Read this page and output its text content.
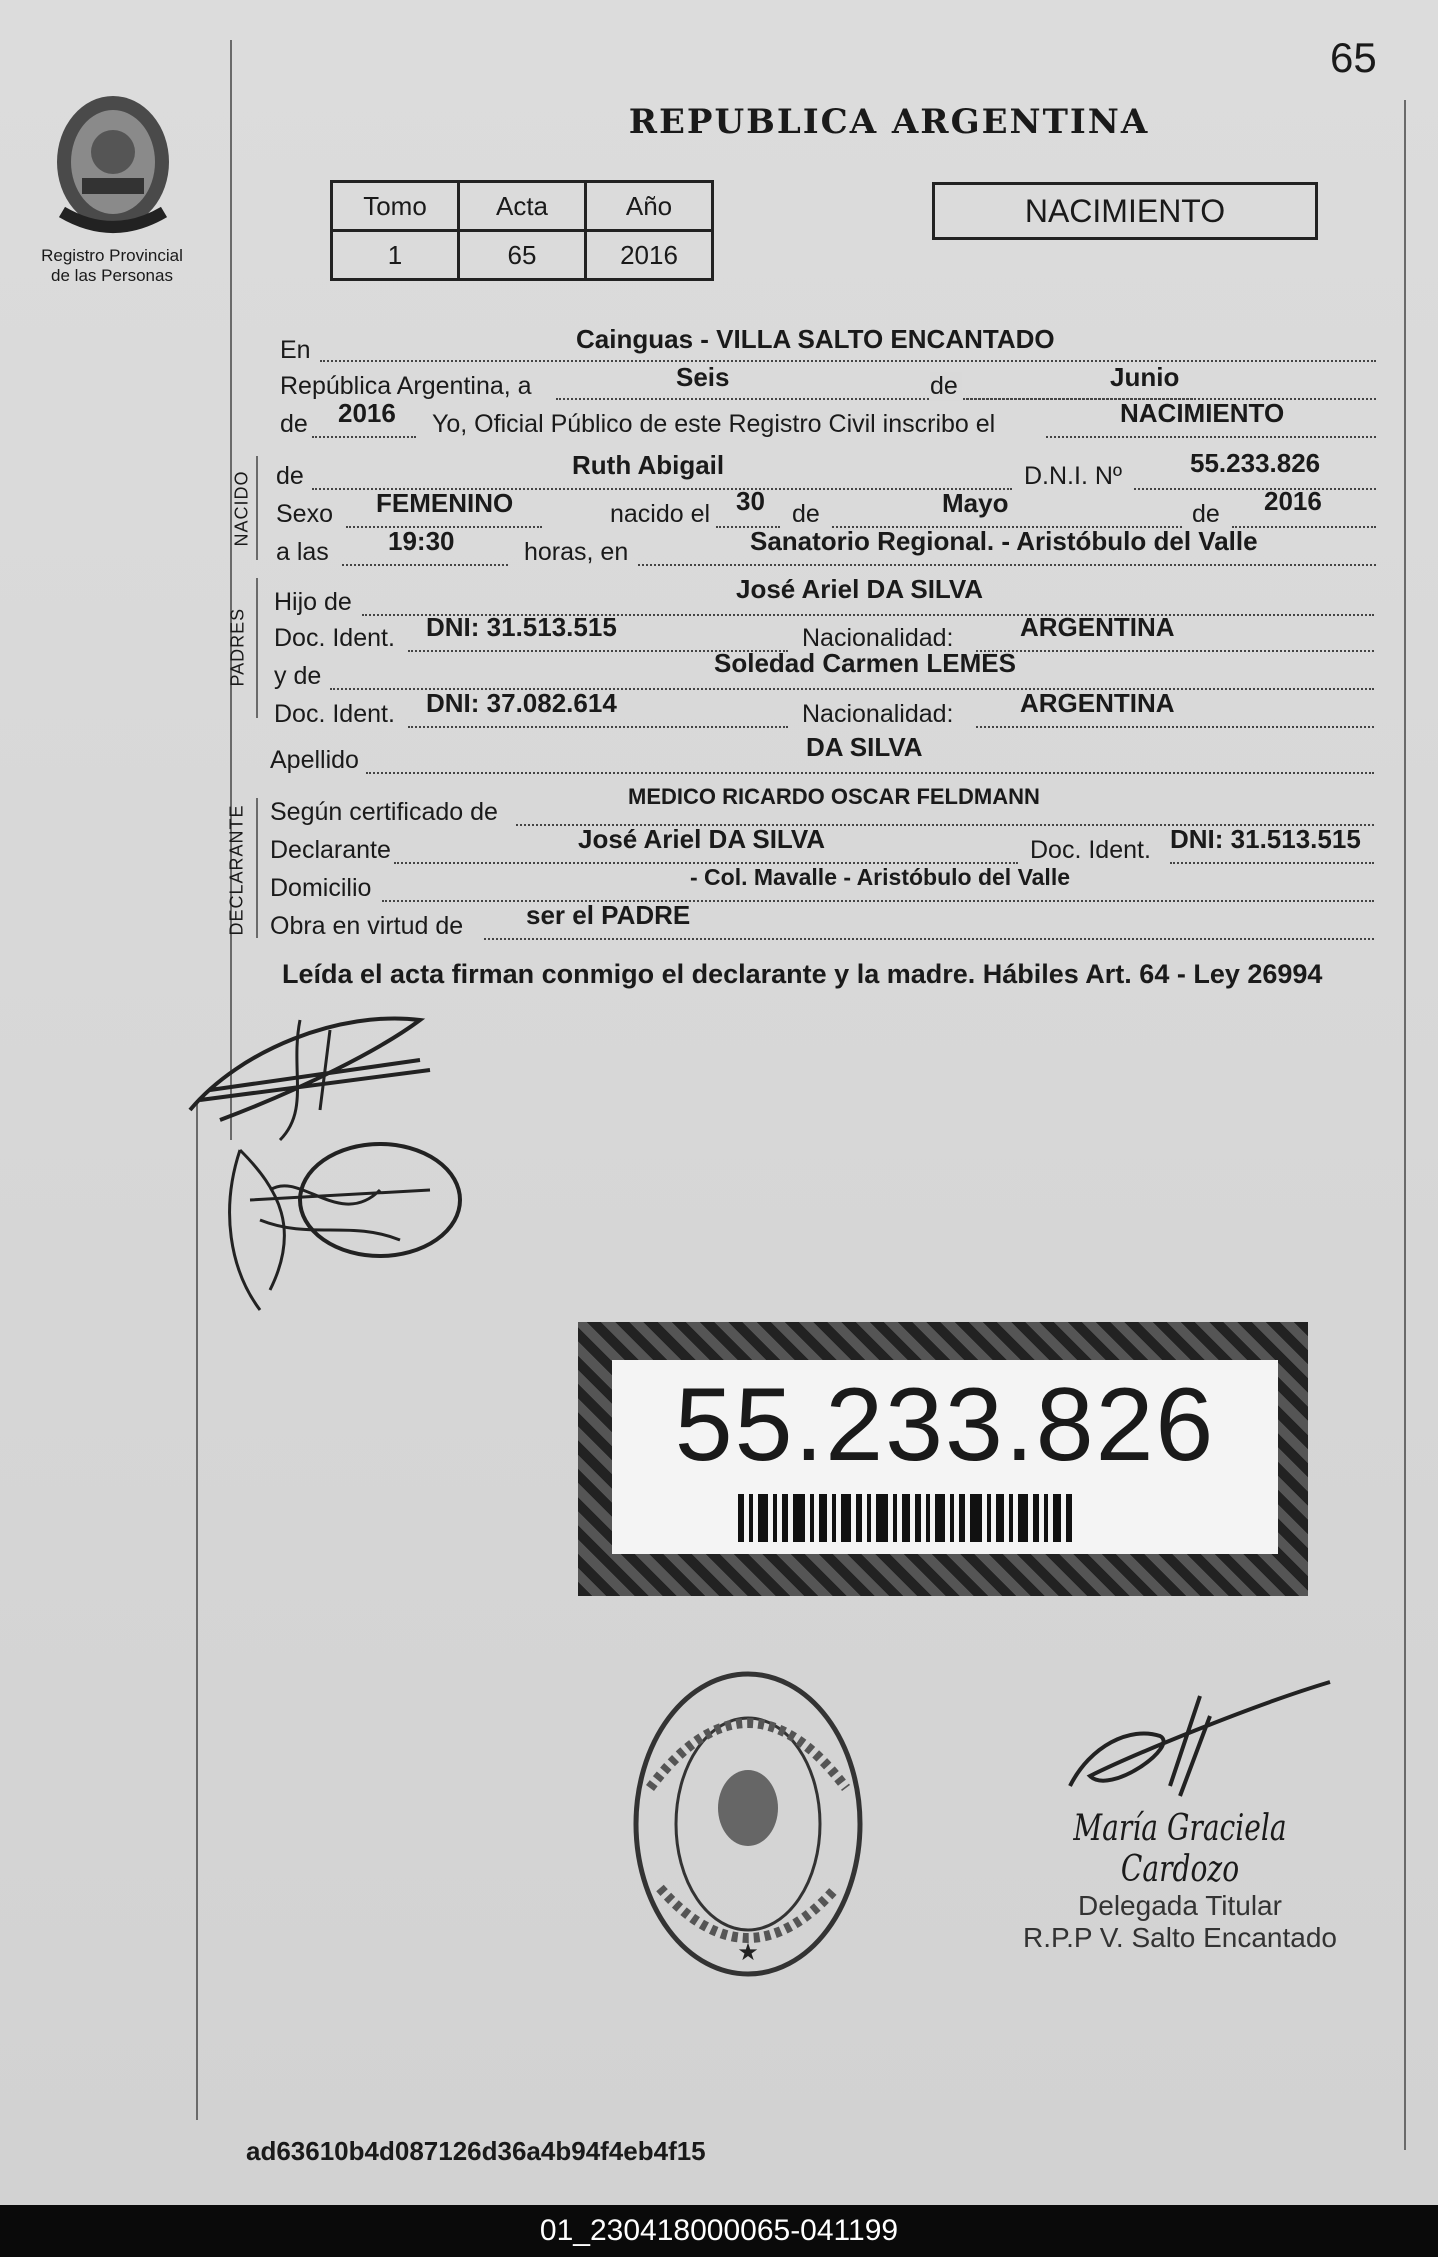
65
REPUBLICA ARGENTINA
Registro Provincial
de las Personas
Tomo	Acta	Año
1	65	2016
NACIMIENTO
NACIDO
PADRES
DECLARANTE
En	Cainguas - VILLA SALTO ENCANTADO
República Argentina, a	Seis	de	Junio
de 2016 Yo, Oficial Público de este Registro Civil inscribo el	NACIMIENTO
de	Ruth Abigail	D.N.I. Nº	55.233.826
Sexo FEMENINO	nacido el 30 de	Mayo	de 2016
a las 19:30	horas, en	Sanatorio Regional. - Aristóbulo del Valle
Hijo de	José Ariel DA SILVA
Doc. Ident. DNI: 31.513.515	Nacionalidad:	ARGENTINA
y de	Soledad Carmen LEMES
Doc. Ident. DNI: 37.082.614	Nacionalidad:	ARGENTINA
Apellido	DA SILVA
Según certificado de
MEDICO RICARDO OSCAR FELDMANN
Declarante	José Ariel DA SILVA	Doc. Ident. DNI: 31.513.515
Domicilio	- Col. Mavalle - Aristóbulo del Valle
Obra en virtud de ser el PADRE
Leída el acta firman conmigo el declarante y la madre. Hábiles Art. 64 - Ley 26994
55.233.826
★
María Graciela Cardozo
Delegada Titular
R.P.P V. Salto Encantado
ad63610b4d087126d36a4b94f4eb4f15
01_230418000065-041199
